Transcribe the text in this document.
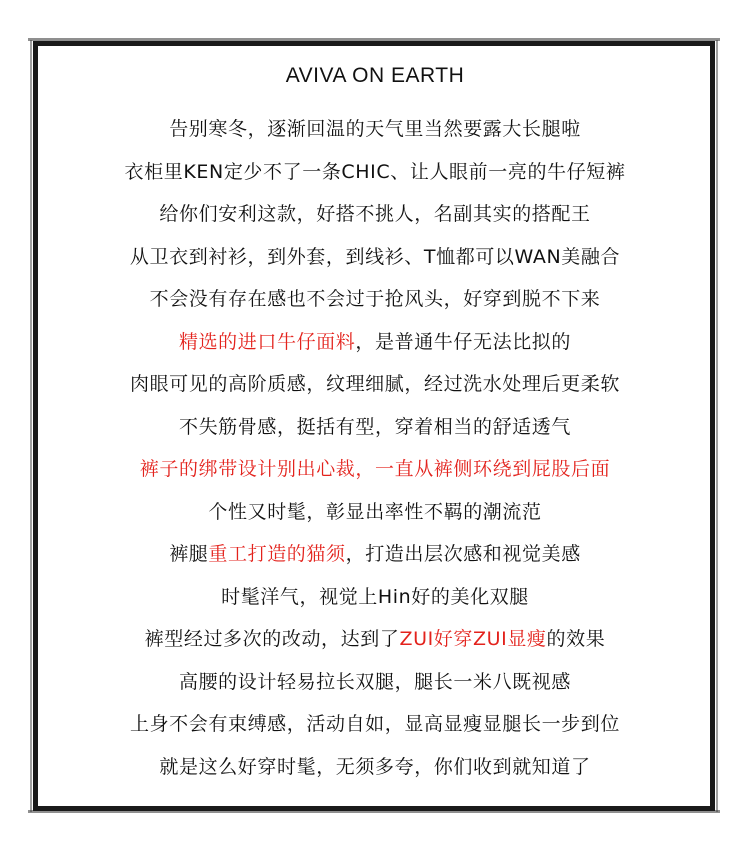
AVIVA ON EARTH
告别寒冬，逐渐回温的天气里当然要露大长腿啦
衣柜里KEN定少不了一条CHIC、让人眼前一亮的牛仔短裤
给你们安利这款，好搭不挑人，名副其实的搭配王
从卫衣到衬衫，到外套，到线衫、T恤都可以WAN美融合
不会没有存在感也不会过于抢风头，好穿到脱不下来
精选的进口牛仔面料，是普通牛仔无法比拟的
肉眼可见的高阶质感，纹理细腻，经过洗水处理后更柔软
不失筋骨感，挺括有型，穿着相当的舒适透气
裤子的绑带设计别出心裁，一直从裤侧环绕到屁股后面
个性又时髦，彰显出率性不羁的潮流范
裤腿重工打造的猫须，打造出层次感和视觉美感
时髦洋气，视觉上Hin好的美化双腿
裤型经过多次的改动，达到了ZUI好穿ZUI显瘦的效果
高腰的设计轻易拉长双腿，腿长一米八既视感
上身不会有束缚感，活动自如，显高显瘦显腿长一步到位
就是这么好穿时髦，无须多夸，你们收到就知道了
